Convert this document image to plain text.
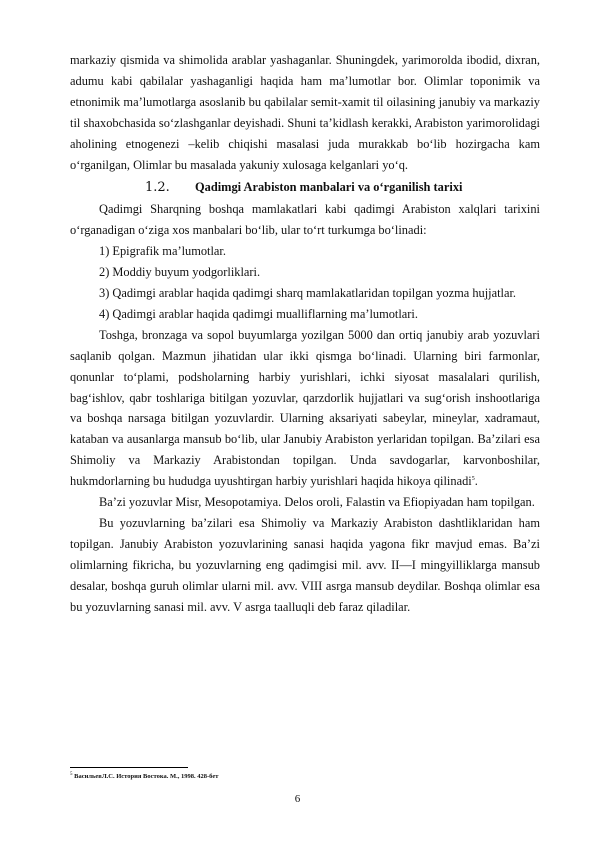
markaziy qismida va shimolida arablar yashaganlar. Shuningdek, yarimorolda ibodid, dixran, adumu kabi qabilalar yashaganligi haqida ham ma’lumotlar bor. Olimlar toponimik va etnonimik ma’lumotlarga asoslanib bu qabilalar semit-xamit til oilasining janubiy va markaziy til shaxobchasida so‘zlashganlar deyishadi. Shuni ta’kidlash kerakki, Arabiston yarimorolidagi aholining etnogenezi –kelib chiqishi masalasi juda murakkab bo‘lib hozirgacha kam o‘rganilgan, Olimlar bu masalada yakuniy xulosaga kelganlari yo‘q.

1.2. Qadimgi Arabiston manbalari va o‘rganilish tarixi

Qadimgi Sharqning boshqa mamlakatlari kabi qadimgi Arabiston xalqlari tarixini o‘rganadigan o‘ziga xos manbalari bo‘lib, ular to‘rt turkumga bo‘linadi:

1) Epigrafik ma’lumotlar.

2) Moddiy buyum yodgorliklari.

3) Qadimgi arablar haqida qadimgi sharq mamlakatlaridan topilgan yozma hujjatlar.

4) Qadimgi arablar haqida qadimgi mualliflarning ma’lumotlari.

Toshga, bronzaga va sopol buyumlarga yozilgan 5000 dan ortiq janubiy arab yozuvlari saqlanib qolgan. Mazmun jihatidan ular ikki qismga bo‘linadi. Ularning biri farmonlar, qonunlar to‘plami, podsholarning harbiy yurishlari, ichki siyosat masalalari qurilish, bag‘ishlov, qabr toshlariga bitilgan yozuvlar, qarzdorlik hujjatlari va sug‘orish inshootlariga va boshqa narsaga bitilgan yozuvlardir. Ularning aksariyati sabeylar, mineylar, xadramaut, kataban va ausanlarga mansub bo‘lib, ular Janubiy Arabiston yerlaridan topilgan. Ba’zilari esa Shimoliy va Markaziy Arabistondan topilgan. Unda savdogarlar, karvonboshilar, hukmdorlarning bu hududga uyushtirgan harbiy yurishlari haqida hikoya qilinadi$^5$.

Ba’zi yozuvlar Misr, Mesopotamiya. Delos oroli, Falastin va Efiopiyadan ham topilgan.

Bu yozuvlarning ba’zilari esa Shimoliy va Markaziy Arabiston dashtliklaridan ham topilgan. Janubiy Arabiston yozuvlarining sanasi haqida yagona fikr mavjud emas. Ba’zi olimlarning fikricha, bu yozuvlarning eng qadimgisi mil. avv. II—I mingyilliklarga mansub desalar, boshqa guruh olimlar ularni mil. avv. VIII asrga mansub deydilar. Boshqa olimlar esa bu yozuvlarning sanasi mil. avv. V asrga taalluqli deb faraz qiladilar.

$^5$ ВасильевЛ.С. История Востока. М., 1998. 428-бет
6
